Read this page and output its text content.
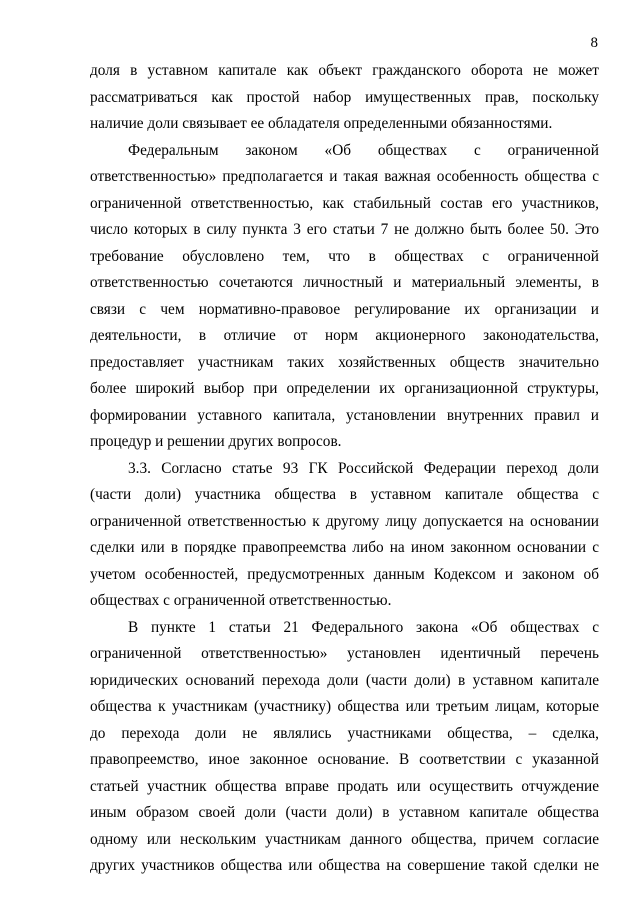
8
доля в уставном капитале как объект гражданского оборота не может
рассматриваться как простой набор имущественных прав, поскольку
наличие доли связывает ее обладателя определенными обязанностями.
Федеральным законом «Об обществах с ограниченной
ответственностью» предполагается и такая важная особенность общества с
ограниченной ответственностью, как стабильный состав его участников,
число которых в силу пункта 3 его статьи 7 не должно быть более 50. Это
требование обусловлено тем, что в обществах с ограниченной
ответственностью сочетаются личностный и материальный элементы, в
связи с чем нормативно-правовое регулирование их организации и
деятельности, в отличие от норм акционерного законодательства,
предоставляет участникам таких хозяйственных обществ значительно
более широкий выбор при определении их организационной структуры,
формировании уставного капитала, установлении внутренних правил и
процедур и решении других вопросов.
3.3. Согласно статье 93 ГК Российской Федерации переход доли
(части доли) участника общества в уставном капитале общества с
ограниченной ответственностью к другому лицу допускается на основании
сделки или в порядке правопреемства либо на ином законном основании с
учетом особенностей, предусмотренных данным Кодексом и законом об
обществах с ограниченной ответственностью.
В пункте 1 статьи 21 Федерального закона «Об обществах с
ограниченной ответственностью» установлен идентичный перечень
юридических оснований перехода доли (части доли) в уставном капитале
общества к участникам (участнику) общества или третьим лицам, которые
до перехода доли не являлись участниками общества, – сделка,
правопреемство, иное законное основание. В соответствии с указанной
статьей участник общества вправе продать или осуществить отчуждение
иным образом своей доли (части доли) в уставном капитале общества
одному или нескольким участникам данного общества, причем согласие
других участников общества или общества на совершение такой сделки не
